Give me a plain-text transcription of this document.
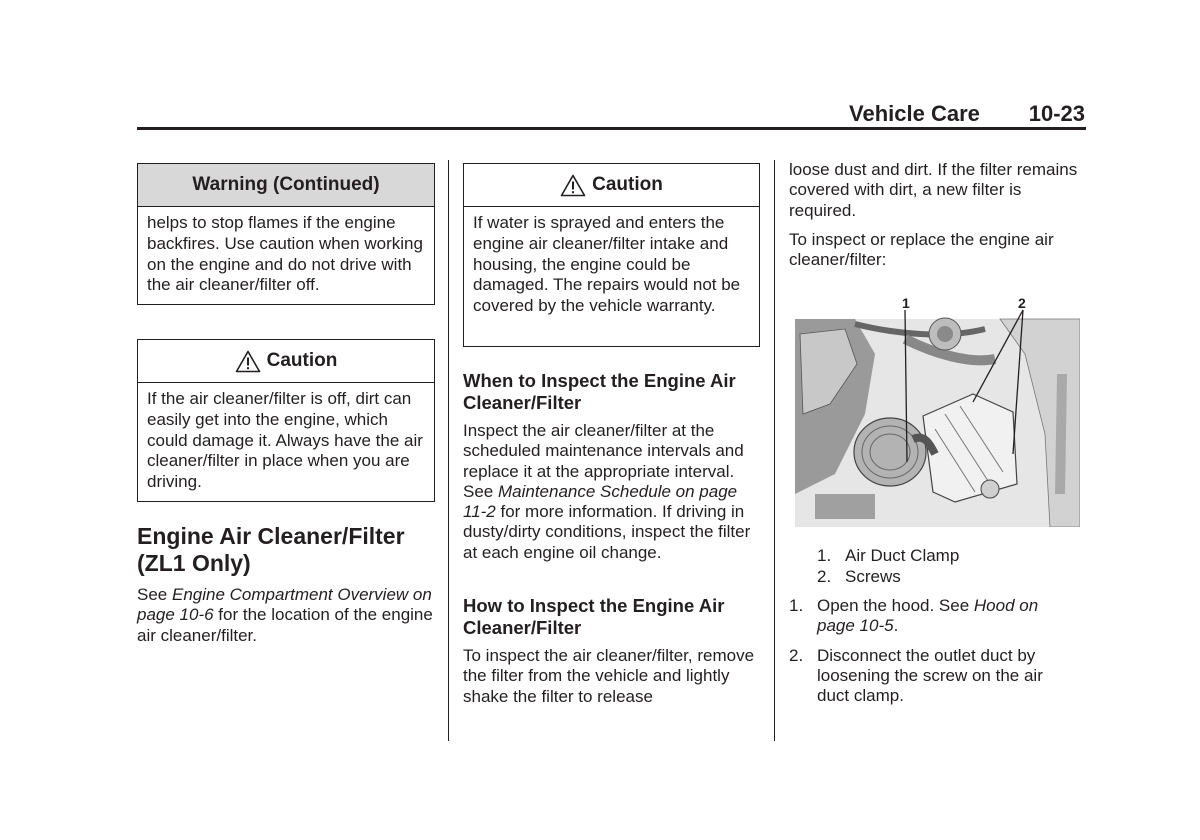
Vehicle Care 10-23
Warning (Continued)
helps to stop flames if the engine backfires. Use caution when working on the engine and do not drive with the air cleaner/filter off.
Caution
If the air cleaner/filter is off, dirt can easily get into the engine, which could damage it. Always have the air cleaner/filter in place when you are driving.
Engine Air Cleaner/Filter
(ZL1 Only)

See Engine Compartment Overview on page 10-6 for the location of the engine air cleaner/filter.

Caution
If water is sprayed and enters the engine air cleaner/filter intake and housing, the engine could be damaged. The repairs would not be covered by the vehicle warranty.
When to Inspect the Engine Air Cleaner/Filter

Inspect the air cleaner/filter at the scheduled maintenance intervals and replace it at the appropriate interval. See Maintenance Schedule on page 11-2 for more information. If driving in dusty/dirty conditions, inspect the filter at each engine oil change.

How to Inspect the Engine Air Cleaner/Filter
To inspect the air cleaner/filter, remove the filter from the vehicle and lightly shake the filter to release
loose dust and dirt. If the filter remains covered with dirt, a new filter is required.
To inspect or replace the engine air cleaner/filter:
1	2
1. Air Duct Clamp
2. Screws
1. Open the hood. See Hood on page 10-5.
2. Disconnect the outlet duct by loosening the screw on the air duct clamp.
